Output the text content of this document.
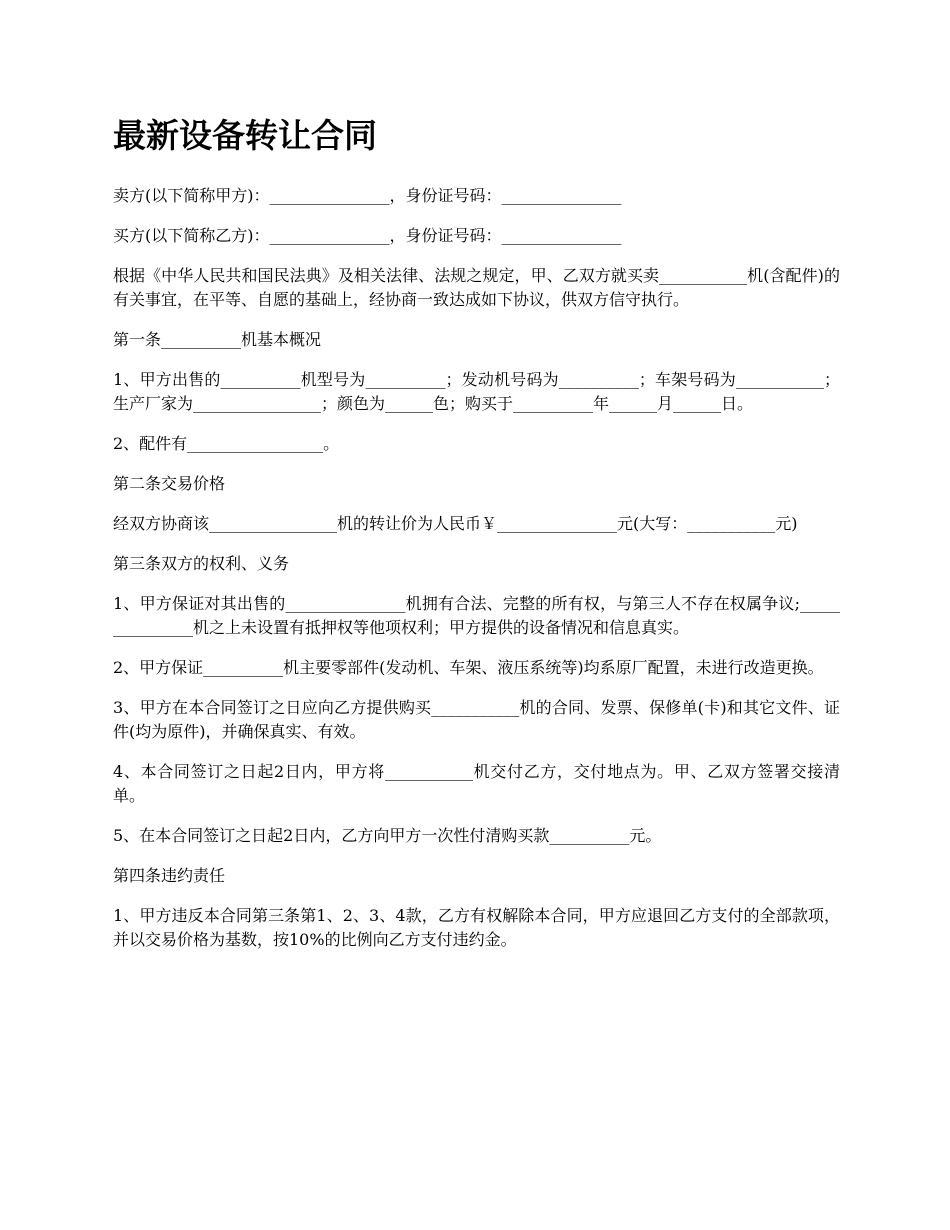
最新设备转让合同

卖方(以下简称甲方)：_______________，身份证号码：_______________

买方(以下简称乙方)：_______________，身份证号码：_______________

根据《中华人民共和国民法典》及相关法律、法规之规定，甲、乙双方就买卖___________机(含配件)的有关事宜，在平等、自愿的基础上，经协商一致达成如下协议，供双方信守执行。

第一条__________机基本概况

1、甲方出售的__________机型号为__________；发动机号码为__________；车架号码为___________；生产厂家为________________；颜色为______色；购买于__________年______月______日。

2、配件有_________________。

第二条交易价格

经双方协商该________________机的转让价为人民币￥_______________元(大写：___________元)

第三条双方的权利、义务

1、甲方保证对其出售的_______________机拥有合法、完整的所有权，与第三人不存在权属争议;_______________机之上未设置有抵押权等他项权利；甲方提供的设备情况和信息真实。

2、甲方保证__________机主要零部件(发动机、车架、液压系统等)均系原厂配置，未进行改造更换。

3、甲方在本合同签订之日应向乙方提供购买___________机的合同、发票、保修单(卡)和其它文件、证件(均为原件)，并确保真实、有效。

4、本合同签订之日起2日内，甲方将___________机交付乙方，交付地点为。甲、乙双方签署交接清单。

5、在本合同签订之日起2日内，乙方向甲方一次性付清购买款__________元。

第四条违约责任

1、甲方违反本合同第三条第1、2、3、4款，乙方有权解除本合同，甲方应退回乙方支付的全部款项，并以交易价格为基数，按10%的比例向乙方支付违约金。
